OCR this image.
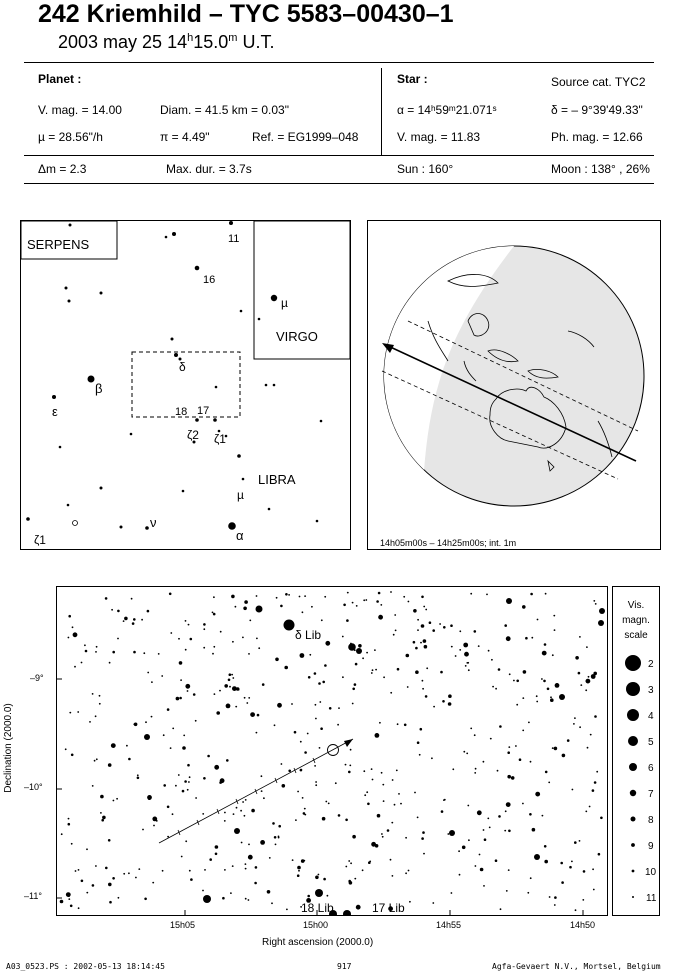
242 Kriemhild – TYC 5583–00430–1
2003 may 25 14$^h$15.0$^m$ U.T.
Planet :
V. mag. = 14.00	Diam. = 41.5 km = 0.03"
µ = 28.56"/h	π = 4.49"	Ref. = EG1999–048
Star :	Source cat. TYC2
α = 14ʰ59ᵐ21.071ˢ	δ = – 9°39'49.33"
V. mag. = 11.83	Ph. mag. = 12.66
Δm = 2.3	Max. dur. = 3.7s	Sun : 160°	Moon : 138° , 26%
SERPENS
VIRGO
LIBRA
11
16
µ
δ
β
ε	18 17
ζ2 ζ1
µ
ζ1
ν
α	14h05m00s – 14h25m00s; int. 1m
δ Lib
18 Lib	17 Lib
–9°
–10°
–11°
15h05	15h00	14h55	14h50
Right ascension (2000.0)
Declination (2000.0)
Vis.
magn.
scale
2
3
4
5
6
7
8
9
10
11
A03_0523.PS : 2002-05-13 18:14:45	917	Agfa-Gevaert N.V., Mortsel, Belgium
